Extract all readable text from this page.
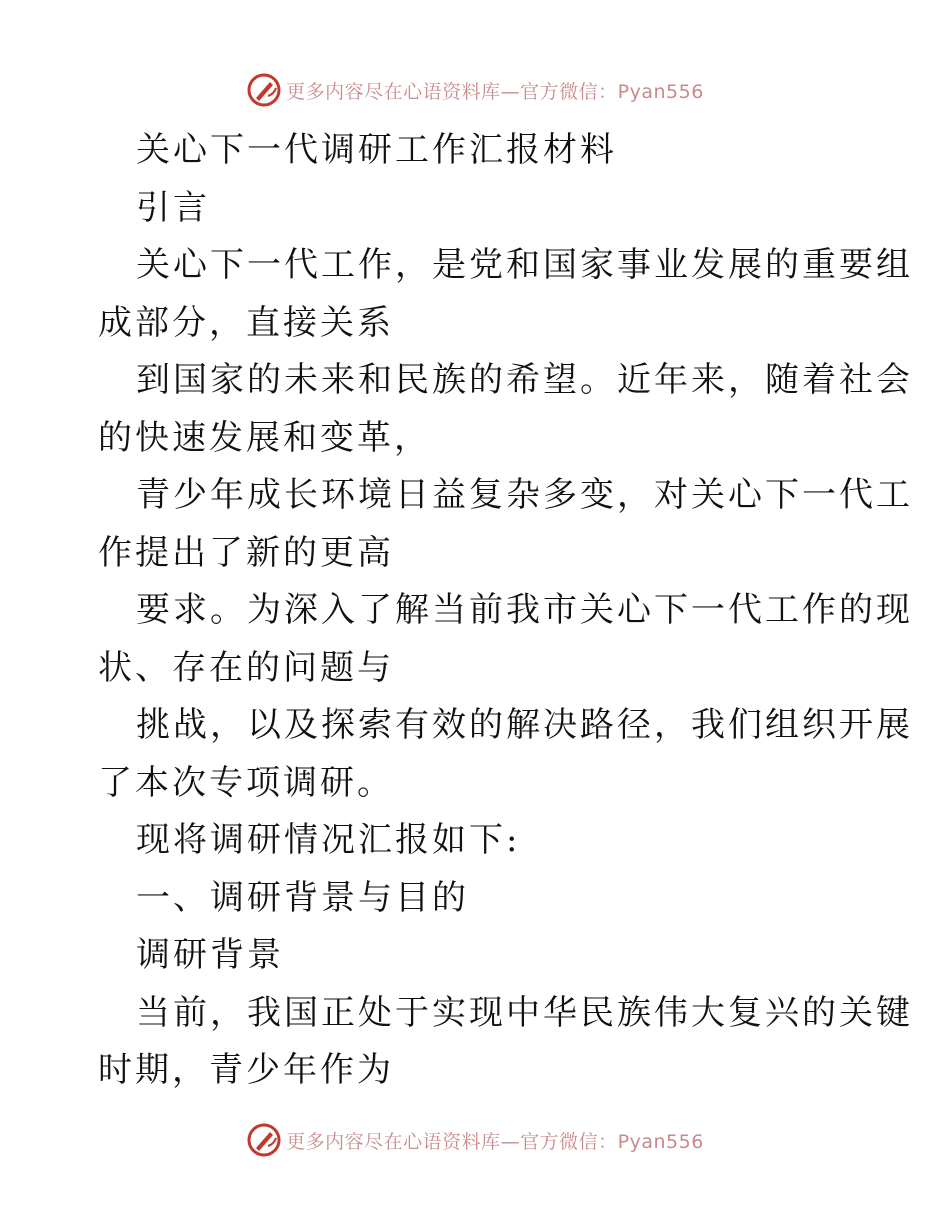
更多内容尽在心语资料库—官方微信：Pyan556

关心下一代调研工作汇报材料

引言

关心下一代工作，是党和国家事业发展的重要组

成部分，直接关系

到国家的未来和民族的希望。近年来，随着社会

的快速发展和变革，

青少年成长环境日益复杂多变，对关心下一代工

作提出了新的更高

要求。为深入了解当前我市关心下一代工作的现

状、存在的问题与

挑战，以及探索有效的解决路径，我们组织开展

了本次专项调研。

现将调研情况汇报如下:

一、调研背景与目的

调研背景

当前，我国正处于实现中华民族伟大复兴的关键

时期，青少年作为

更多内容尽在心语资料库—官方微信：Pyan556
